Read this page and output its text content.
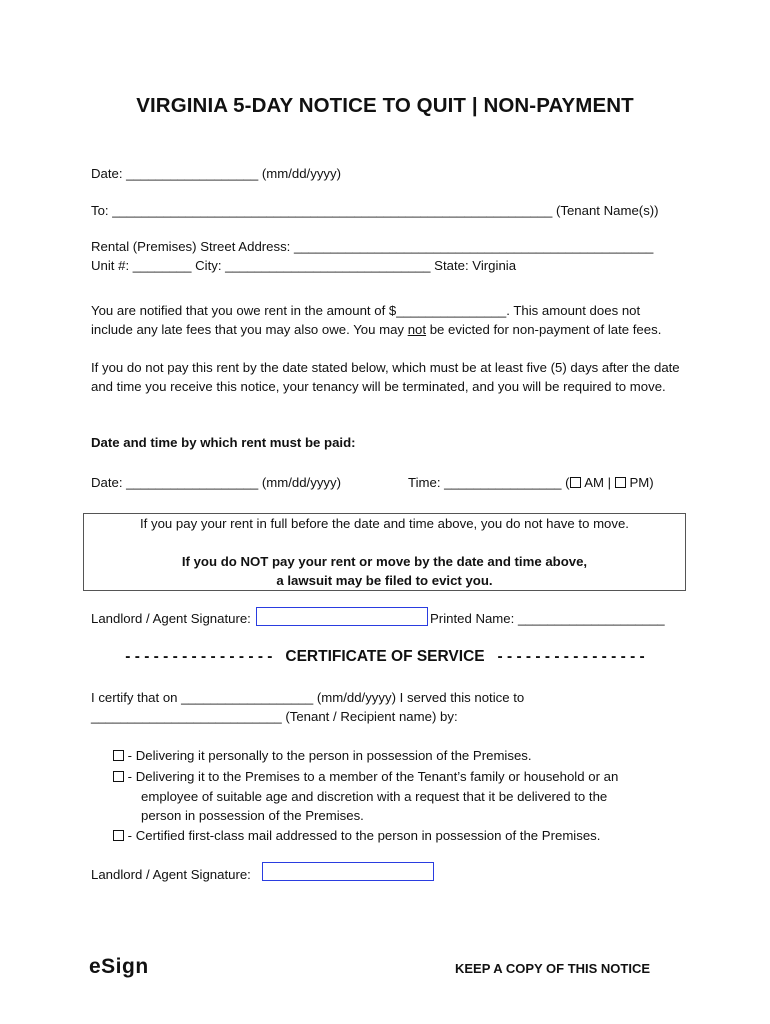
VIRGINIA 5-DAY NOTICE TO QUIT | NON-PAYMENT
Date: __________________ (mm/dd/yyyy)
To: ____________________________________________________________ (Tenant Name(s))
Rental (Premises) Street Address: _________________________________________________
Unit #: ________ City: ____________________________ State: Virginia
You are notified that you owe rent in the amount of $_______________. This amount does not include any late fees that you may also owe. You may not be evicted for non-payment of late fees.
If you do not pay this rent by the date stated below, which must be at least five (5) days after the date and time you receive this notice, your tenancy will be terminated, and you will be required to move.
Date and time by which rent must be paid:
Date: __________________ (mm/dd/yyyy)	Time: ________________ ( AM | PM)
If you pay your rent in full before the date and time above, you do not have to move.
If you do NOT pay your rent or move by the date and time above,
a lawsuit may be filed to evict you.
Landlord / Agent Signature:	Printed Name: ____________________
- - - - - - - - - - - - - - - -   CERTIFICATE OF SERVICE   - - - - - - - - - - - - - - - -
I certify that on __________________ (mm/dd/yyyy) I served this notice to
__________________________ (Tenant / Recipient name) by:
- Delivering it personally to the person in possession of the Premises.
- Delivering it to the Premises to a member of the Tenant’s family or household or an
employee of suitable age and discretion with a request that it be delivered to the
person in possession of the Premises.
- Certified first-class mail addressed to the person in possession of the Premises.
Landlord / Agent Signature:
eSign	KEEP A COPY OF THIS NOTICE
